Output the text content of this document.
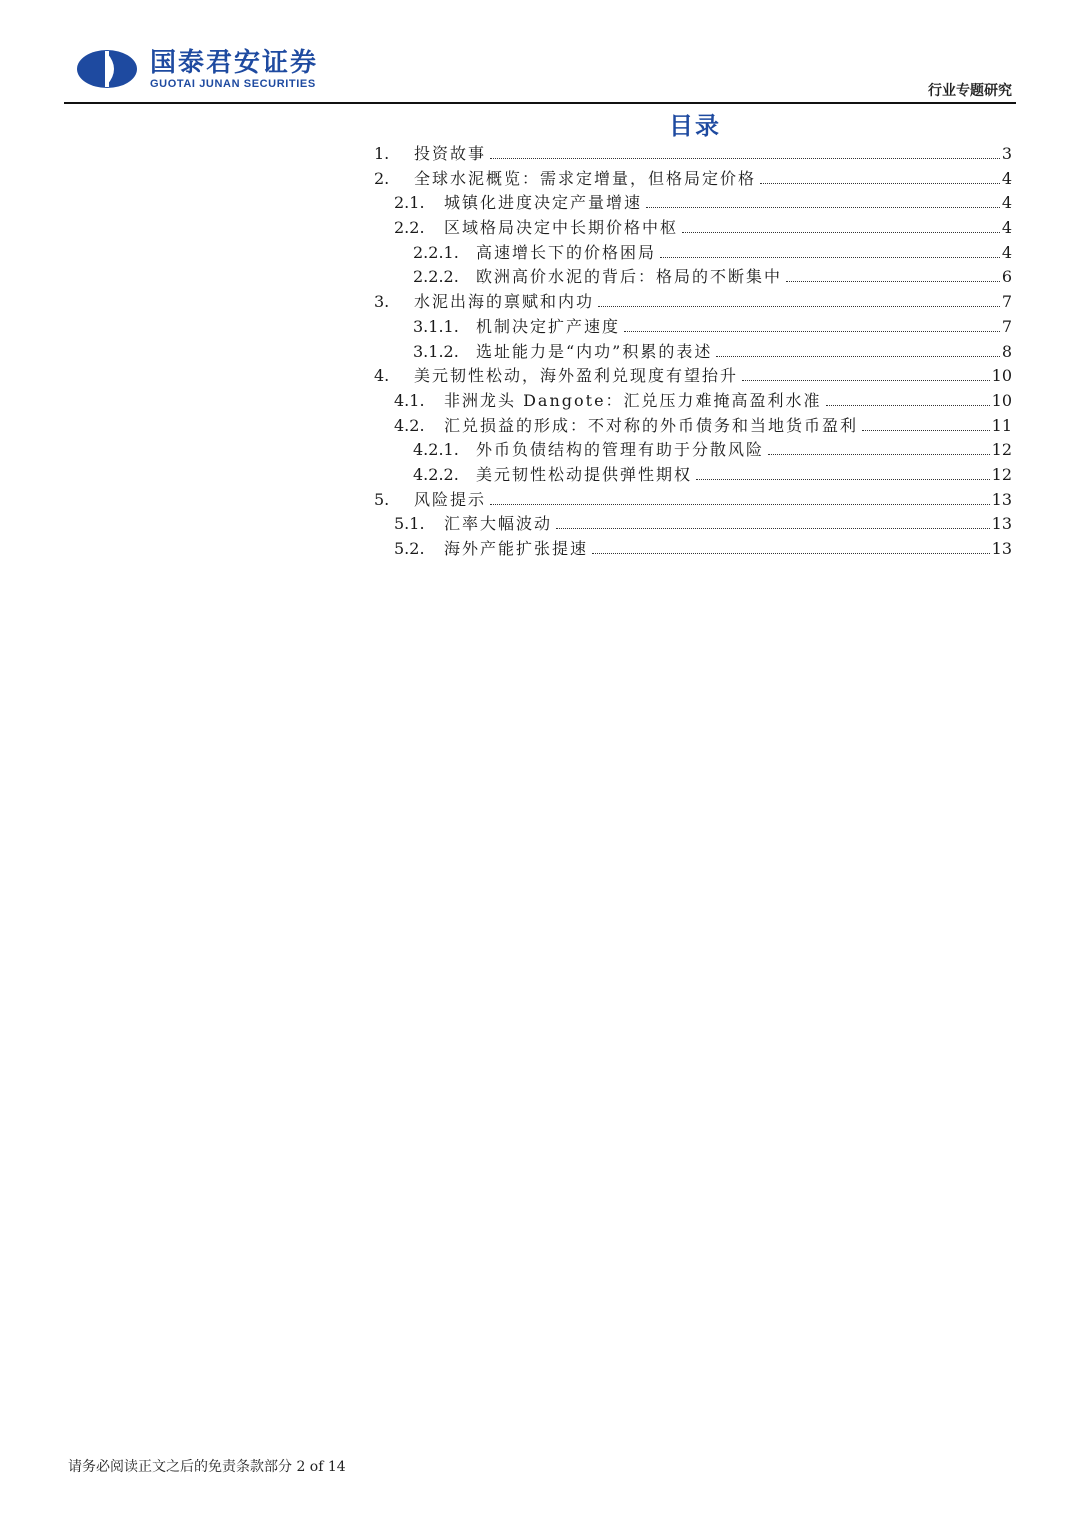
国泰君安证券
GUOTAI JUNAN SECURITIES	行业专题研究
目录
1.	投资故事	3
2.	全球水泥概览：需求定增量，但格局定价格	4
2.1.	城镇化进度决定产量增速	4
2.2.	区域格局决定中长期价格中枢	4
2.2.1.	高速增长下的价格困局	4
2.2.2.	欧洲高价水泥的背后：格局的不断集中	6
3.	水泥出海的禀赋和内功	7
3.1.1.	机制决定扩产速度	7
3.1.2.	选址能力是“内功”积累的表述	8
4.	美元韧性松动，海外盈利兑现度有望抬升	10
4.1.	非洲龙头 Dangote：汇兑压力难掩高盈利水准	10
4.2.	汇兑损益的形成：不对称的外币债务和当地货币盈利	11
4.2.1.	外币负债结构的管理有助于分散风险	12
4.2.2.	美元韧性松动提供弹性期权	12
5.	风险提示	13
5.1.	汇率大幅波动	13
5.2.	海外产能扩张提速	13
请务必阅读正文之后的免责条款部分 2 of 14
